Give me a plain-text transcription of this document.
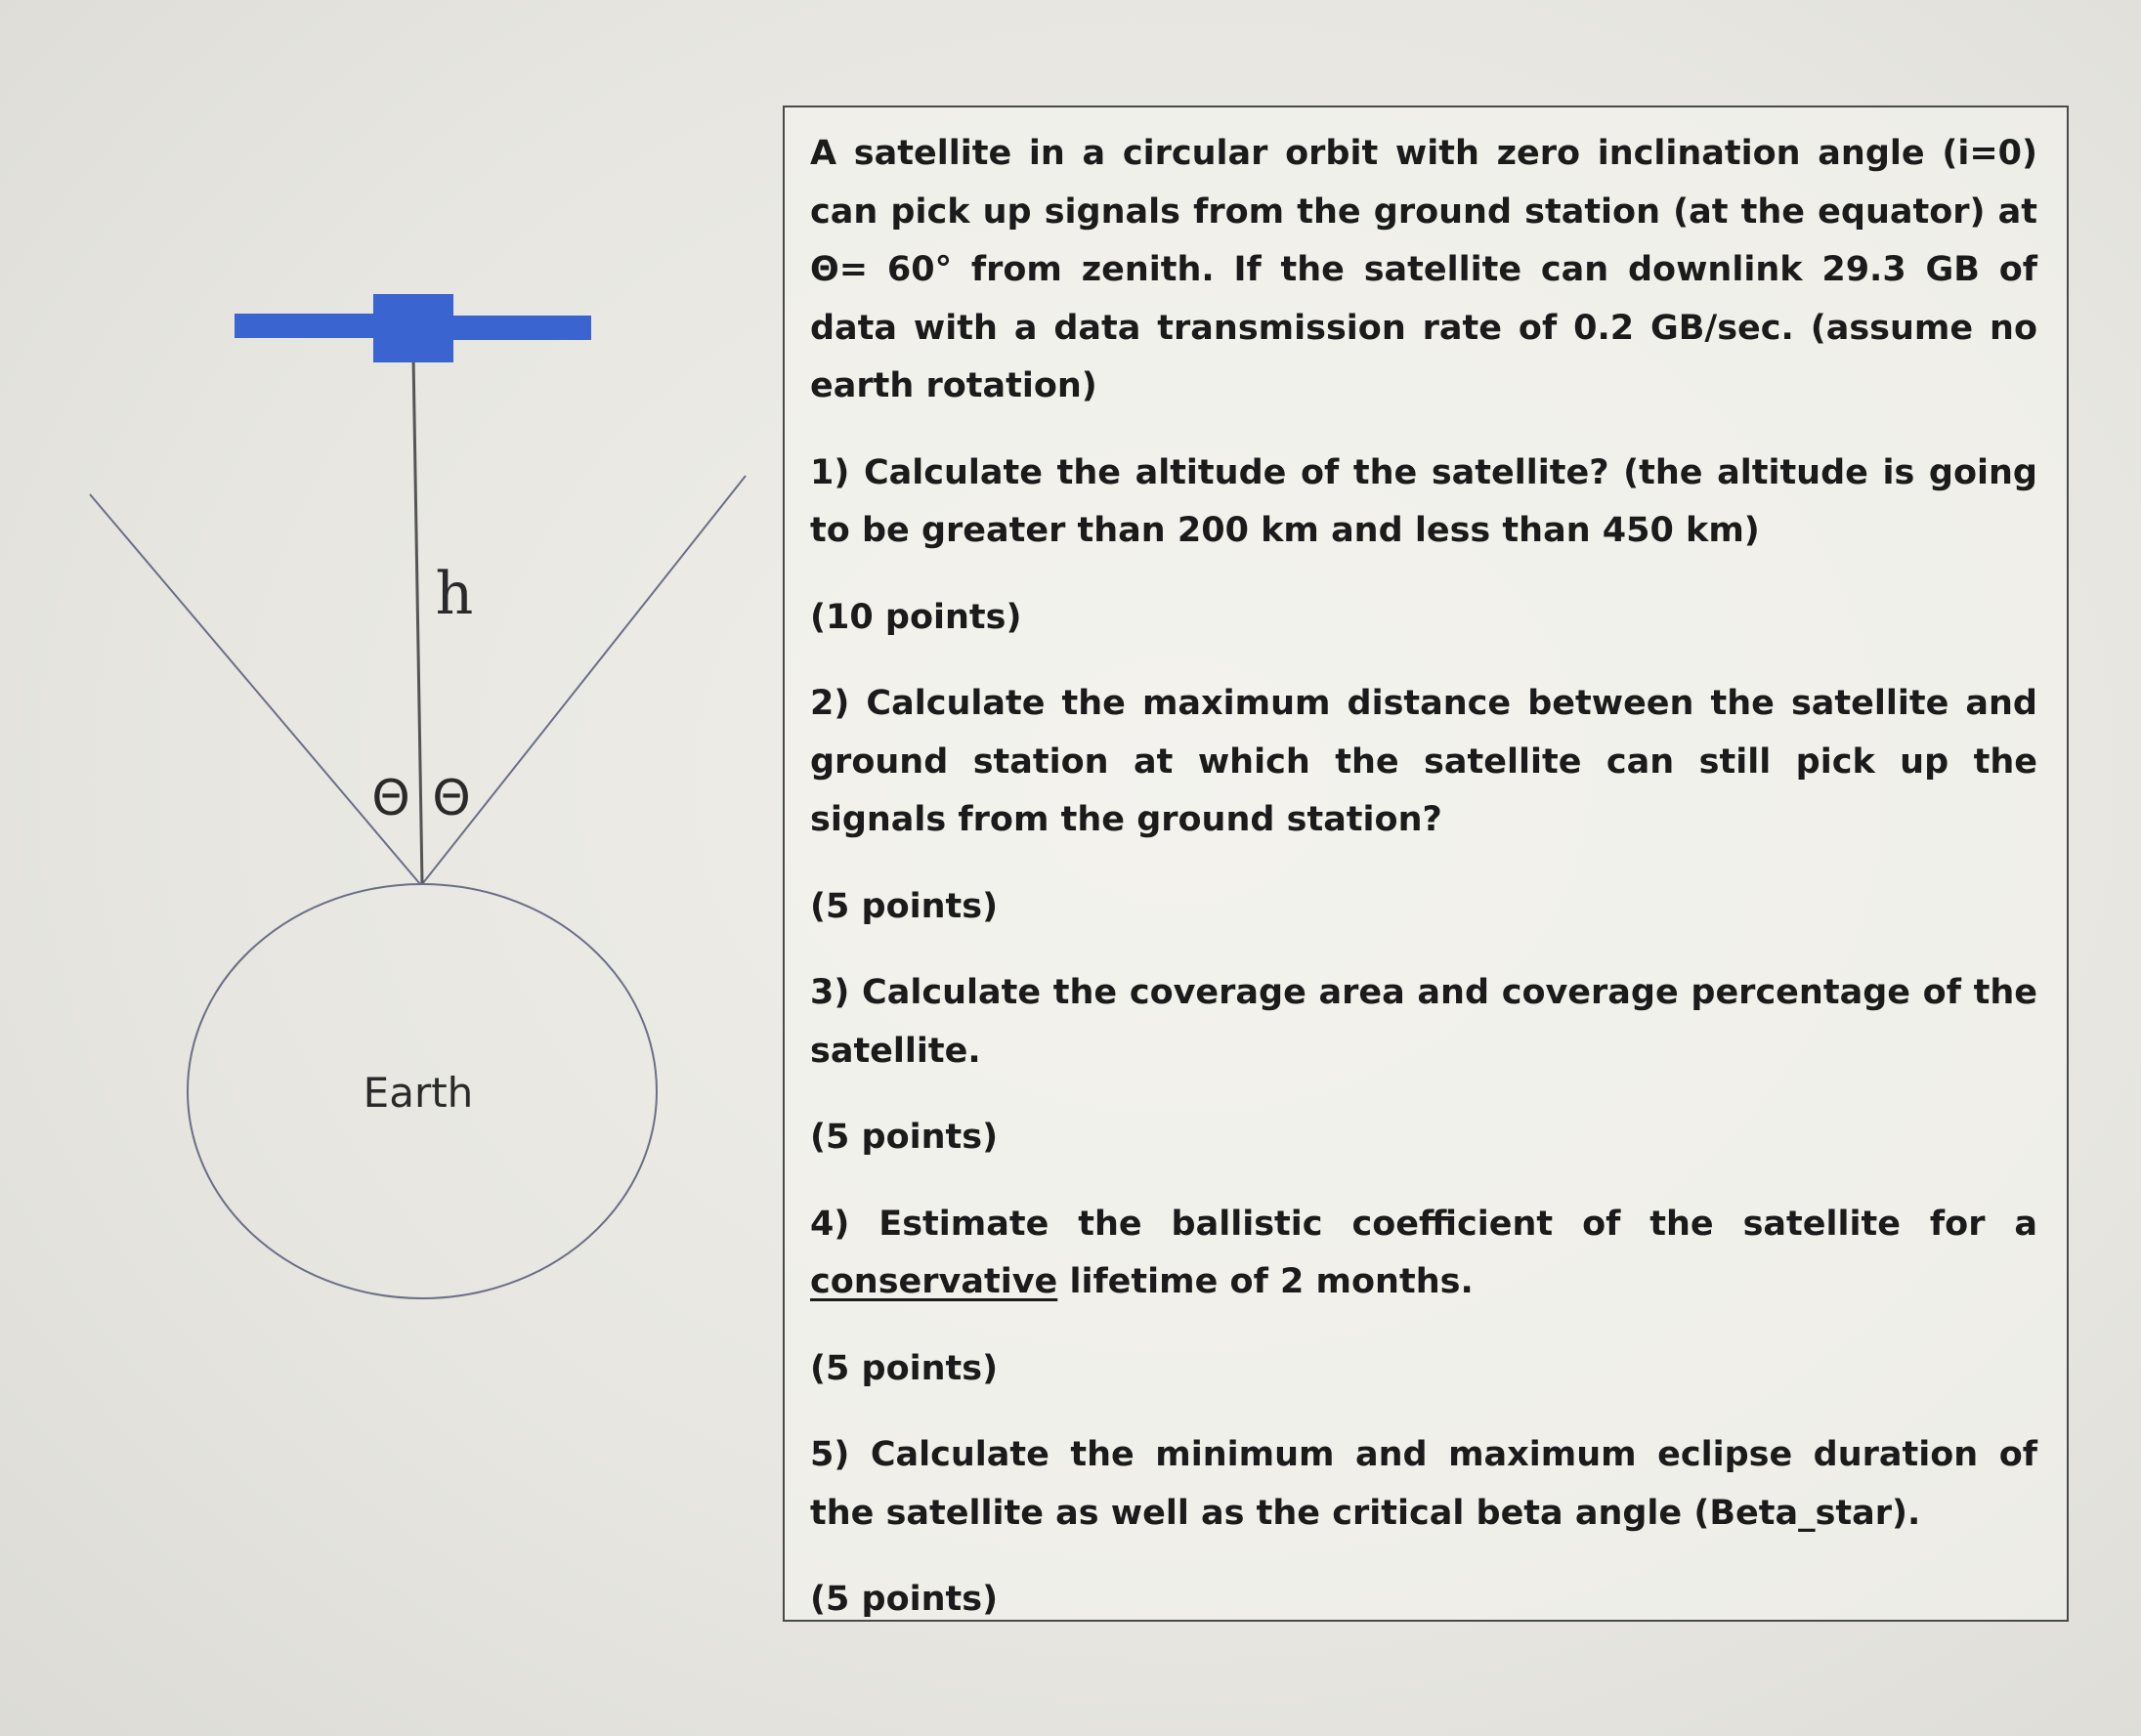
h
Θ Θ
Earth

A satellite in a circular orbit with zero inclination angle (i=0) can pick up signals from the ground station (at the equator) at Θ= 60° from zenith. If the satellite can downlink 29.3 GB of data with a data transmission rate of 0.2 GB/sec. (assume no earth rotation)

1) Calculate the altitude of the satellite? (the altitude is going to be greater than 200 km and less than 450 km)

(10 points)

2) Calculate the maximum distance between the satellite and ground station at which the satellite can still pick up the signals from the ground station?

(5 points)

3) Calculate the coverage area and coverage percentage of the satellite.

(5 points)

4) Estimate the ballistic coefficient of the satellite for a conservative lifetime of 2 months.

(5 points)

5) Calculate the minimum and maximum eclipse duration of the satellite as well as the critical beta angle (Beta_star).

(5 points)
